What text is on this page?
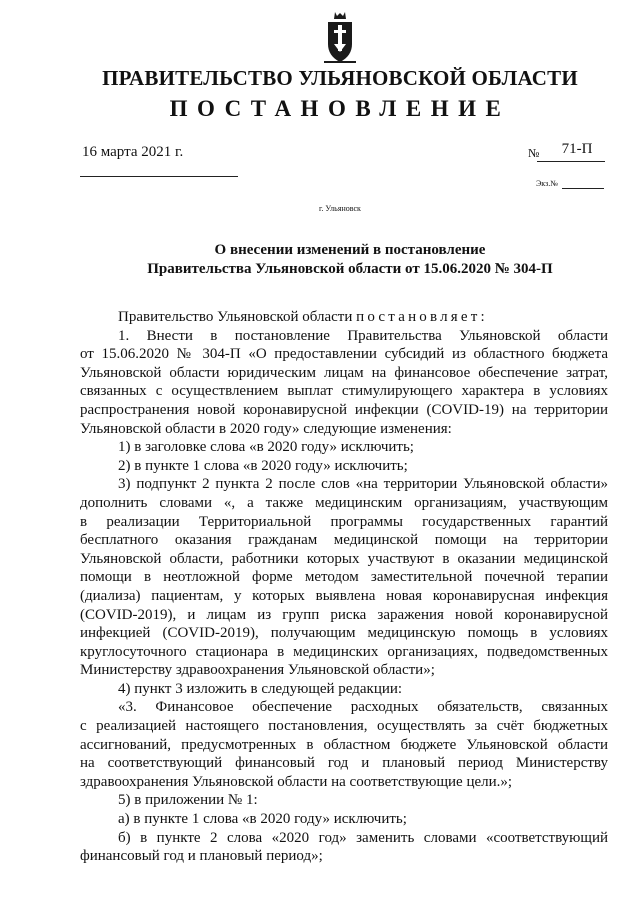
ПРАВИТЕЛЬСТВО УЛЬЯНОВСКОЙ ОБЛАСТИ
ПОСТАНОВЛЕНИЕ
16 марта 2021 г.	№	71-П
Экз.№
г. Ульяновск
О внесении изменений в постановление
Правительства Ульяновской области от 15.06.2020 № 304-П
Правительство Ульяновской области постановляет:
1. Внести в постановление Правительства Ульяновской области
от 15.06.2020 № 304-П «О предоставлении субсидий из областного бюджета
Ульяновской области юридическим лицам на финансовое обеспечение затрат,
связанных с осуществлением выплат стимулирующего характера в условиях
распространения новой коронавирусной инфекции (COVID-19) на территории
Ульяновской области в 2020 году» следующие изменения:
1) в заголовке слова «в 2020 году» исключить;
2) в пункте 1 слова «в 2020 году» исключить;
3) подпункт 2 пункта 2 после слов «на территории Ульяновской области»
дополнить словами «, а также медицинским организациям, участвующим
в реализации Территориальной программы государственных гарантий
бесплатного оказания гражданам медицинской помощи на территории
Ульяновской области, работники которых участвуют в оказании медицинской
помощи в неотложной форме методом заместительной почечной терапии
(диализа) пациентам, у которых выявлена новая коронавирусная инфекция
(COVID-2019), и лицам из групп риска заражения новой коронавирусной
инфекцией (COVID-2019), получающим медицинскую помощь в условиях
круглосуточного стационара в медицинских организациях, подведомственных
Министерству здравоохранения Ульяновской области»;
4) пункт 3 изложить в следующей редакции:
«3. Финансовое обеспечение расходных обязательств, связанных
с реализацией настоящего постановления, осуществлять за счёт бюджетных
ассигнований, предусмотренных в областном бюджете Ульяновской области
на соответствующий финансовый год и плановый период Министерству
здравоохранения Ульяновской области на соответствующие цели.»;
5) в приложении № 1:
а) в пункте 1 слова «в 2020 году» исключить;
б) в пункте 2 слова «2020 год» заменить словами «соответствующий
финансовый год и плановый период»;
